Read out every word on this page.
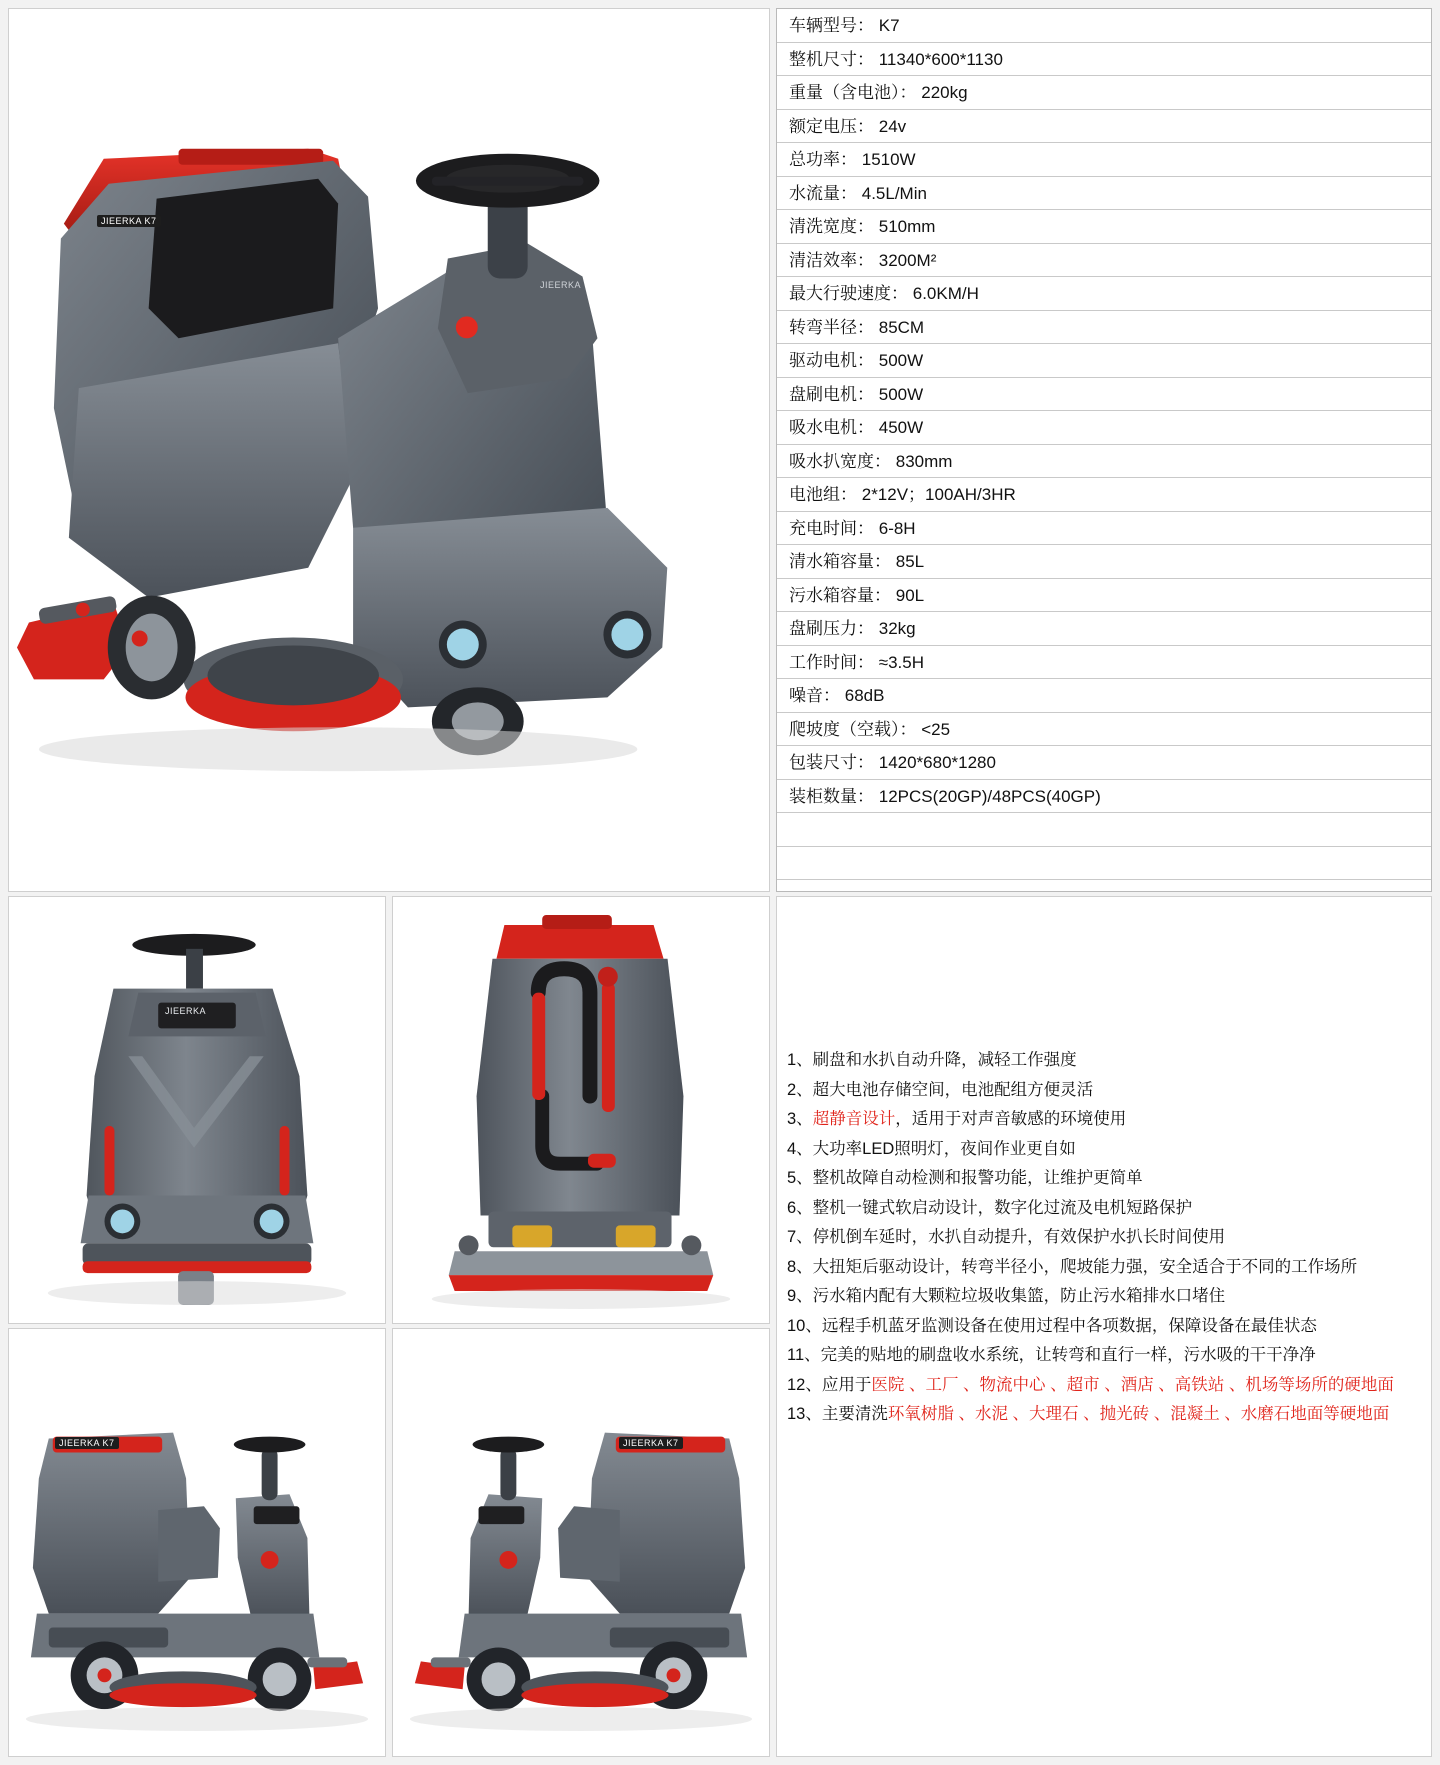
JIEERKA K7
JIEERKA
车辆型号： K7
整机尺寸： 11340*600*1130
重量（含电池）： 220kg
额定电压： 24v
总功率： 1510W
水流量： 4.5L/Min
清洗宽度： 510mm
清洁效率： 3200M²
最大行驶速度： 6.0KM/H
转弯半径： 85CM
驱动电机： 500W
盘刷电机： 500W
吸水电机： 450W
吸水扒宽度： 830mm
电池组： 2*12V；100AH/3HR
充电时间： 6-8H
清水箱容量： 85L
污水箱容量： 90L
盘刷压力： 32kg
工作时间： ≈3.5H
噪音： 68dB
爬坡度（空载）： <25
包装尺寸： 1420*680*1280
装柜数量： 12PCS(20GP)/48PCS(40GP)
JIEERKA
JIEERKA K7	JIEERKA K7
1、刷盘和水扒自动升降，减轻工作强度
2、超大电池存储空间，电池配组方便灵活
3、超静音设计，适用于对声音敏感的环境使用
4、大功率LED照明灯，夜间作业更自如
5、整机故障自动检测和报警功能，让维护更简单
6、整机一键式软启动设计，数字化过流及电机短路保护
7、停机倒车延时，水扒自动提升，有效保护水扒长时间使用
8、大扭矩后驱动设计，转弯半径小，爬坡能力强，安全适合于不同的工作场所
9、污水箱内配有大颗粒垃圾收集篮，防止污水箱排水口堵住
10、远程手机蓝牙监测设备在使用过程中各项数据，保障设备在最佳状态
11、完美的贴地的刷盘收水系统，让转弯和直行一样，污水吸的干干净净
12、应用于医院 、工厂 、物流中心 、超市 、酒店 、高铁站 、机场等场所的硬地面
13、主要清洗环氧树脂 、水泥 、大理石 、抛光砖 、混凝土 、水磨石地面等硬地面
